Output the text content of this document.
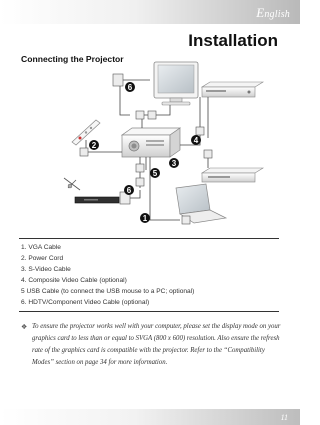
English
Installation
Connecting the Projector
6
2
4
3
5
6
1
1. VGA Cable
2. Power Cord
3. S-Video Cable
4. Composite Video Cable (optional)
5 USB Cable (to connect the USB mouse to a PC; optional)
6. HDTV/Component Video Cable (optional)
❖ To ensure the projector works well with your computer, please set the display mode on your graphics card to less than or equal to SVGA (800 x 600) resolution. Also ensure the refresh rate of the graphics card is compatible with the projector. Refer to the “Compatibility Modes” section on page 34 for more information.
11
